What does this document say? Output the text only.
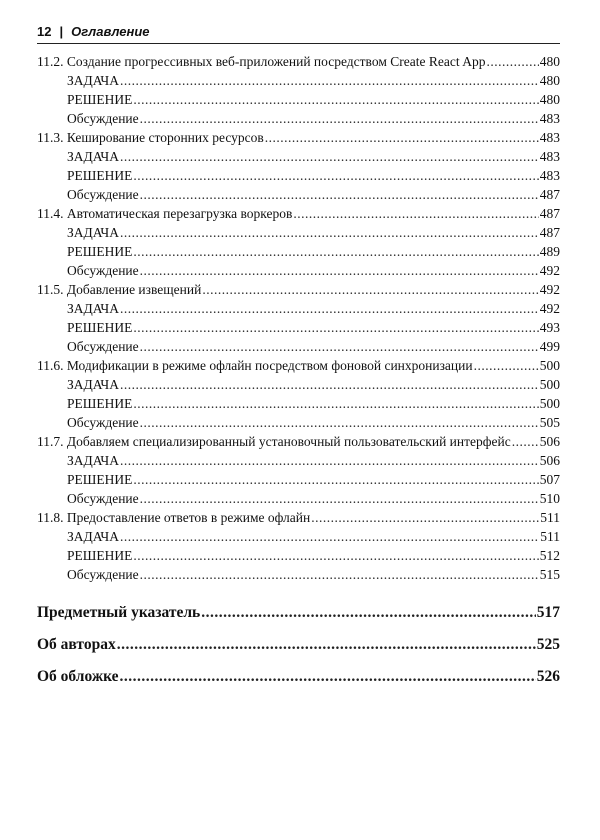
12 | Оглавление
11.2. Создание прогрессивных веб-приложений посредством Create React App .....	480
ЗАДАЧА .....	480
РЕШЕНИЕ .....	480
Обсуждение .....	483
11.3. Кеширование сторонних ресурсов .....	483
ЗАДАЧА .....	483
РЕШЕНИЕ .....	483
Обсуждение .....	487
11.4. Автоматическая перезагрузка воркеров .....	487
ЗАДАЧА .....	487
РЕШЕНИЕ .....	489
Обсуждение .....	492
11.5. Добавление извещений .....	492
ЗАДАЧА .....	492
РЕШЕНИЕ .....	493
Обсуждение .....	499
11.6. Модификации в режиме офлайн посредством фоновой синхронизации .....	500
ЗАДАЧА .....	500
РЕШЕНИЕ .....	500
Обсуждение .....	505
11.7. Добавляем специализированный установочный пользовательский интерфейс ..... 506
ЗАДАЧА .....	506
РЕШЕНИЕ .....	507
Обсуждение .....	510
11.8. Предоставление ответов в режиме офлайн .....	511
ЗАДАЧА .....	511
РЕШЕНИЕ .....	512
Обсуждение .....	515
Предметный указатель .....	517
Об авторах .....	525
Об обложке .....	526
